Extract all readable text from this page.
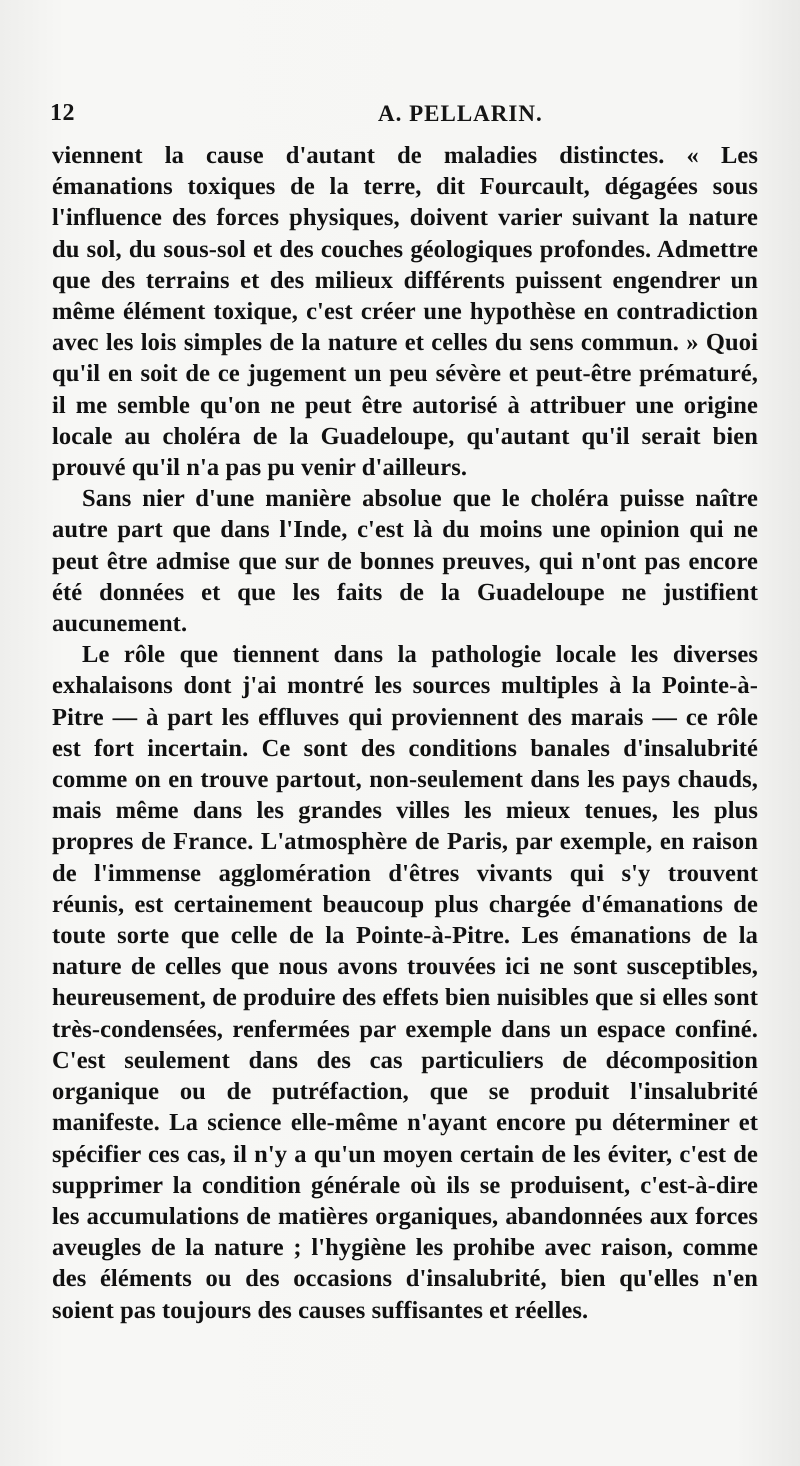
12	A. PELLARIN.

viennent la cause d'autant de maladies distinctes. « Les émanations toxiques de la terre, dit Fourcault, dégagées sous l'influence des forces physiques, doivent varier suivant la nature du sol, du sous-sol et des couches géologiques profondes. Admettre que des terrains et des milieux différents puissent engendrer un même élément toxique, c'est créer une hypothèse en contradiction avec les lois simples de la nature et celles du sens commun. » Quoi qu'il en soit de ce jugement un peu sévère et peut-être prématuré, il me semble qu'on ne peut être autorisé à attribuer une origine locale au choléra de la Guadeloupe, qu'autant qu'il serait bien prouvé qu'il n'a pas pu venir d'ailleurs.

Sans nier d'une manière absolue que le choléra puisse naître autre part que dans l'Inde, c'est là du moins une opinion qui ne peut être admise que sur de bonnes preuves, qui n'ont pas encore été données et que les faits de la Guadeloupe ne justifient aucunement.

Le rôle que tiennent dans la pathologie locale les diverses exhalaisons dont j'ai montré les sources multiples à la Pointe-à-Pitre — à part les effluves qui proviennent des marais — ce rôle est fort incertain. Ce sont des conditions banales d'insalubrité comme on en trouve partout, non-seulement dans les pays chauds, mais même dans les grandes villes les mieux tenues, les plus propres de France. L'atmosphère de Paris, par exemple, en raison de l'immense agglomération d'êtres vivants qui s'y trouvent réunis, est certainement beaucoup plus chargée d'émanations de toute sorte que celle de la Pointe-à-Pitre. Les émanations de la nature de celles que nous avons trouvées ici ne sont susceptibles, heureusement, de produire des effets bien nuisibles que si elles sont très-condensées, renfermées par exemple dans un espace confiné. C'est seulement dans des cas particuliers de décomposition organique ou de putréfaction, que se produit l'insalubrité manifeste. La science elle-même n'ayant encore pu déterminer et spécifier ces cas, il n'y a qu'un moyen certain de les éviter, c'est de supprimer la condition générale où ils se produisent, c'est-à-dire les accumulations de matières organiques, abandonnées aux forces aveugles de la nature ; l'hygiène les prohibe avec raison, comme des éléments ou des occasions d'insalubrité, bien qu'elles n'en soient pas toujours des causes suffisantes et réelles.
